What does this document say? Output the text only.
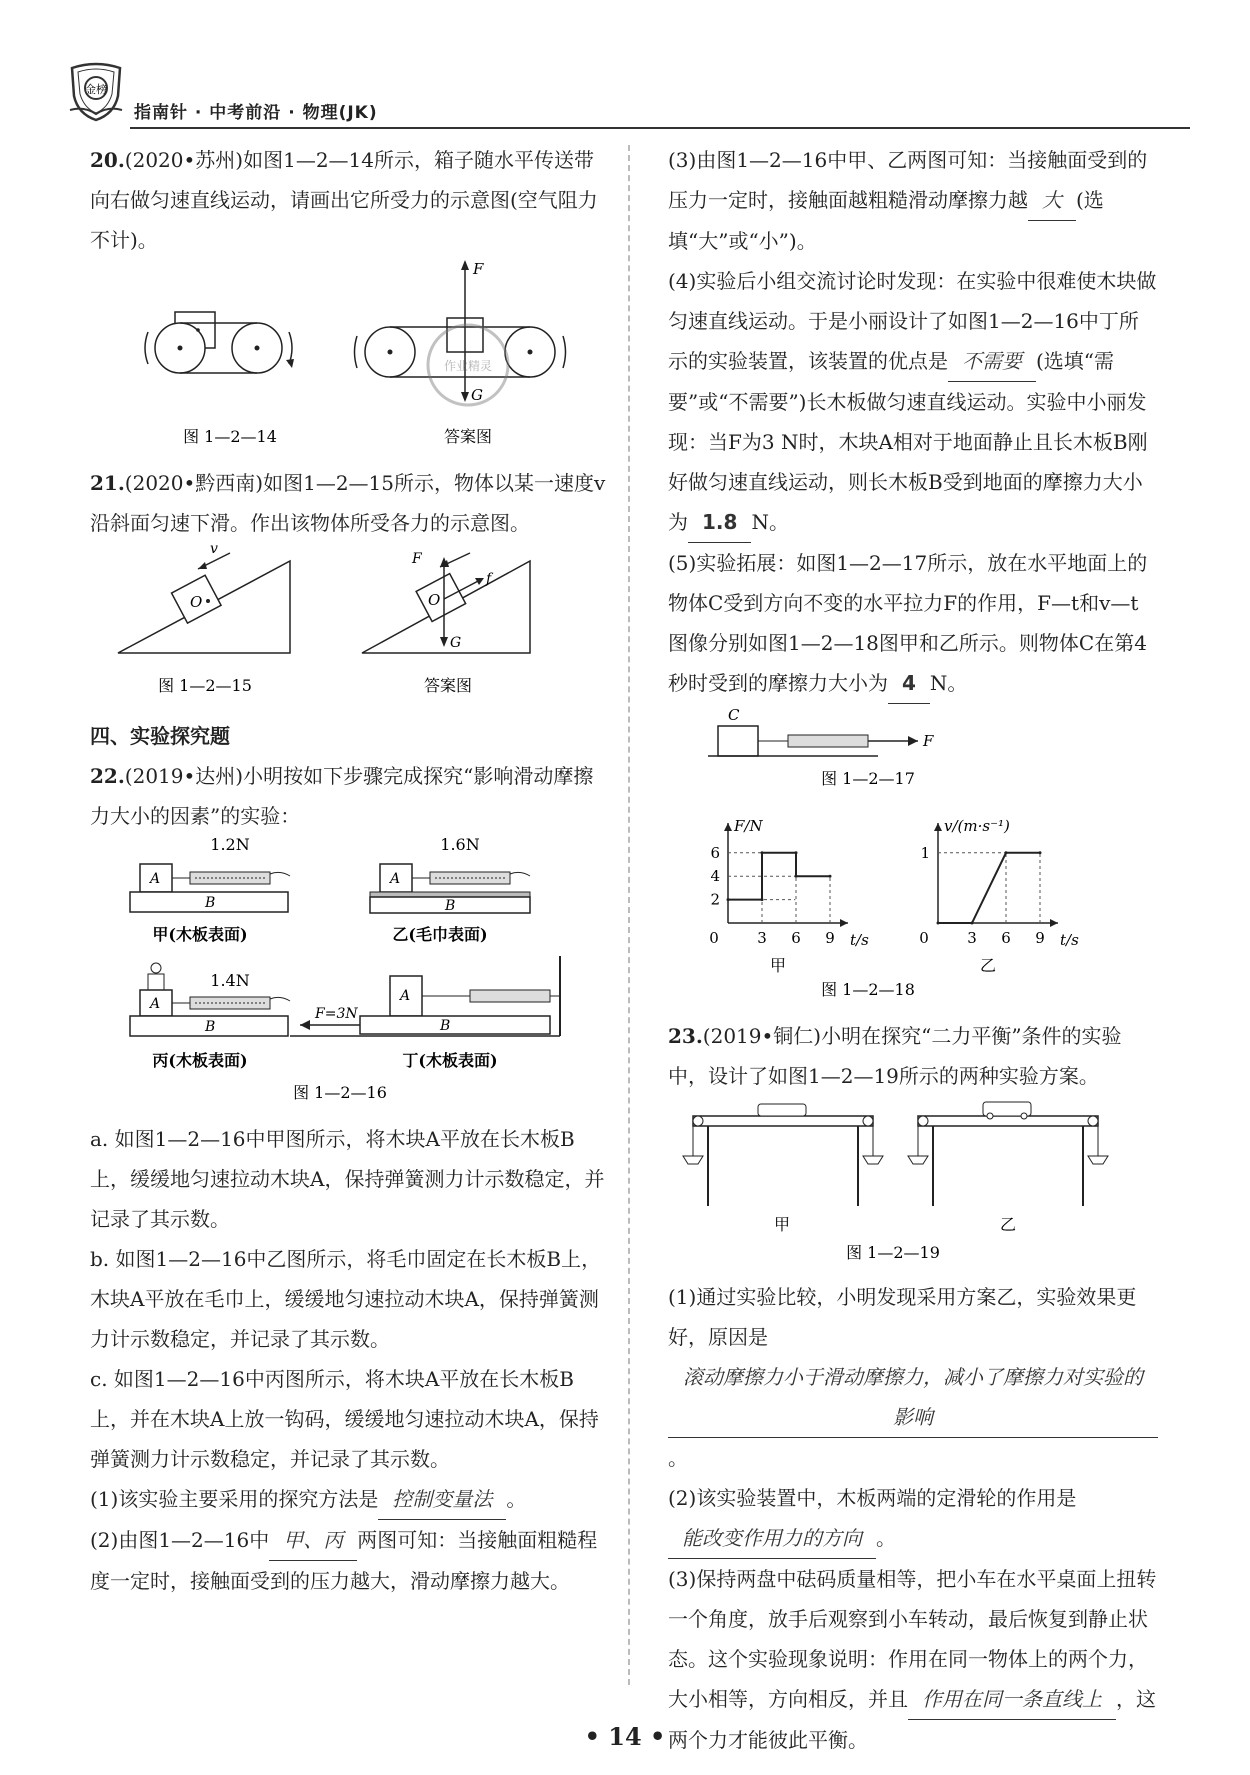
金榜
指南针 · 中考前沿 · 物理(JK)

20.(2020•苏州)如图1—2—14所示，箱子随水平传送带向右做匀速直线运动，请画出它所受力的示意图(空气阻力不计)。

图 1—2—14
F
G
作业精灵
答案图

21.(2020•黔西南)如图1—2—15所示，物体以某一速度v沿斜面匀速下滑。作出该物体所受各力的示意图。

O
v
图 1—2—15
F
G
f
O
答案图

四、实验探究题

22.(2019•达州)小明按如下步骤完成探究“影响滑动摩擦力大小的因素”的实验：

1.2N
A
B
甲(木板表面)
1.6N
A
B
乙(毛巾表面)
1.4N
A
B
丙(木板表面)
A
B
F=3N
丁(木板表面)
图 1—2—16

a. 如图1—2—16中甲图所示，将木块A平放在长木板B上，缓缓地匀速拉动木块A，保持弹簧测力计示数稳定，并记录了其示数。

b. 如图1—2—16中乙图所示，将毛巾固定在长木板B上，木块A平放在毛巾上，缓缓地匀速拉动木块A，保持弹簧测力计示数稳定，并记录了其示数。

c. 如图1—2—16中丙图所示，将木块A平放在长木板B上，并在木块A上放一钩码，缓缓地匀速拉动木块A，保持弹簧测力计示数稳定，并记录了其示数。

(1)该实验主要采用的探究方法是 控制变量法 。

(2)由图1—2—16中 甲、丙 两图可知：当接触面粗糙程度一定时，接触面受到的压力越大，滑动摩擦力越大。

(3)由图1—2—16中甲、乙两图可知：当接触面受到的压力一定时，接触面越粗糙滑动摩擦力越 大 (选填“大”或“小”)。

(4)实验后小组交流讨论时发现：在实验中很难使木块做匀速直线运动。于是小丽设计了如图1—2—16中丁所示的实验装置，该装置的优点是 不需要 (选填“需要”或“不需要”)长木板做匀速直线运动。实验中小丽发现：当F为3 N时，木块A相对于地面静止且长木板B刚好做匀速直线运动，则长木板B受到地面的摩擦力大小为 1.8 N。

(5)实验拓展：如图1—2—17所示，放在水平地面上的物体C受到方向不变的水平拉力F的作用，F—t和v—t图像分别如图1—2—18图甲和乙所示。则物体C在第4秒时受到的摩擦力大小为 4 N。

C
F
图 1—2—17

F/N
t/s
0	3 6 9
2
4
6
甲
v/(m·s⁻¹)
t/s
0	3 6 9
1
乙
图 1—2—18

23.(2019•铜仁)小明在探究“二力平衡”条件的实验中，设计了如图1—2—19所示的两种实验方案。

甲	乙
图 1—2—19

(1)通过实验比较，小明发现采用方案乙，实验效果更好，原因是滚动摩擦力小于滑动摩擦力，减小了摩擦力对实验的影响。

(2)该实验装置中，木板两端的定滑轮的作用是能改变作用力的方向 。

(3)保持两盘中砝码质量相等，把小车在水平桌面上扭转一个角度，放手后观察到小车转动，最后恢复到静止状态。这个实验现象说明：作用在同一物体上的两个力，大小相等，方向相反，并且 作用在同一条直线上 ，这两个力才能彼此平衡。

• 14 •
